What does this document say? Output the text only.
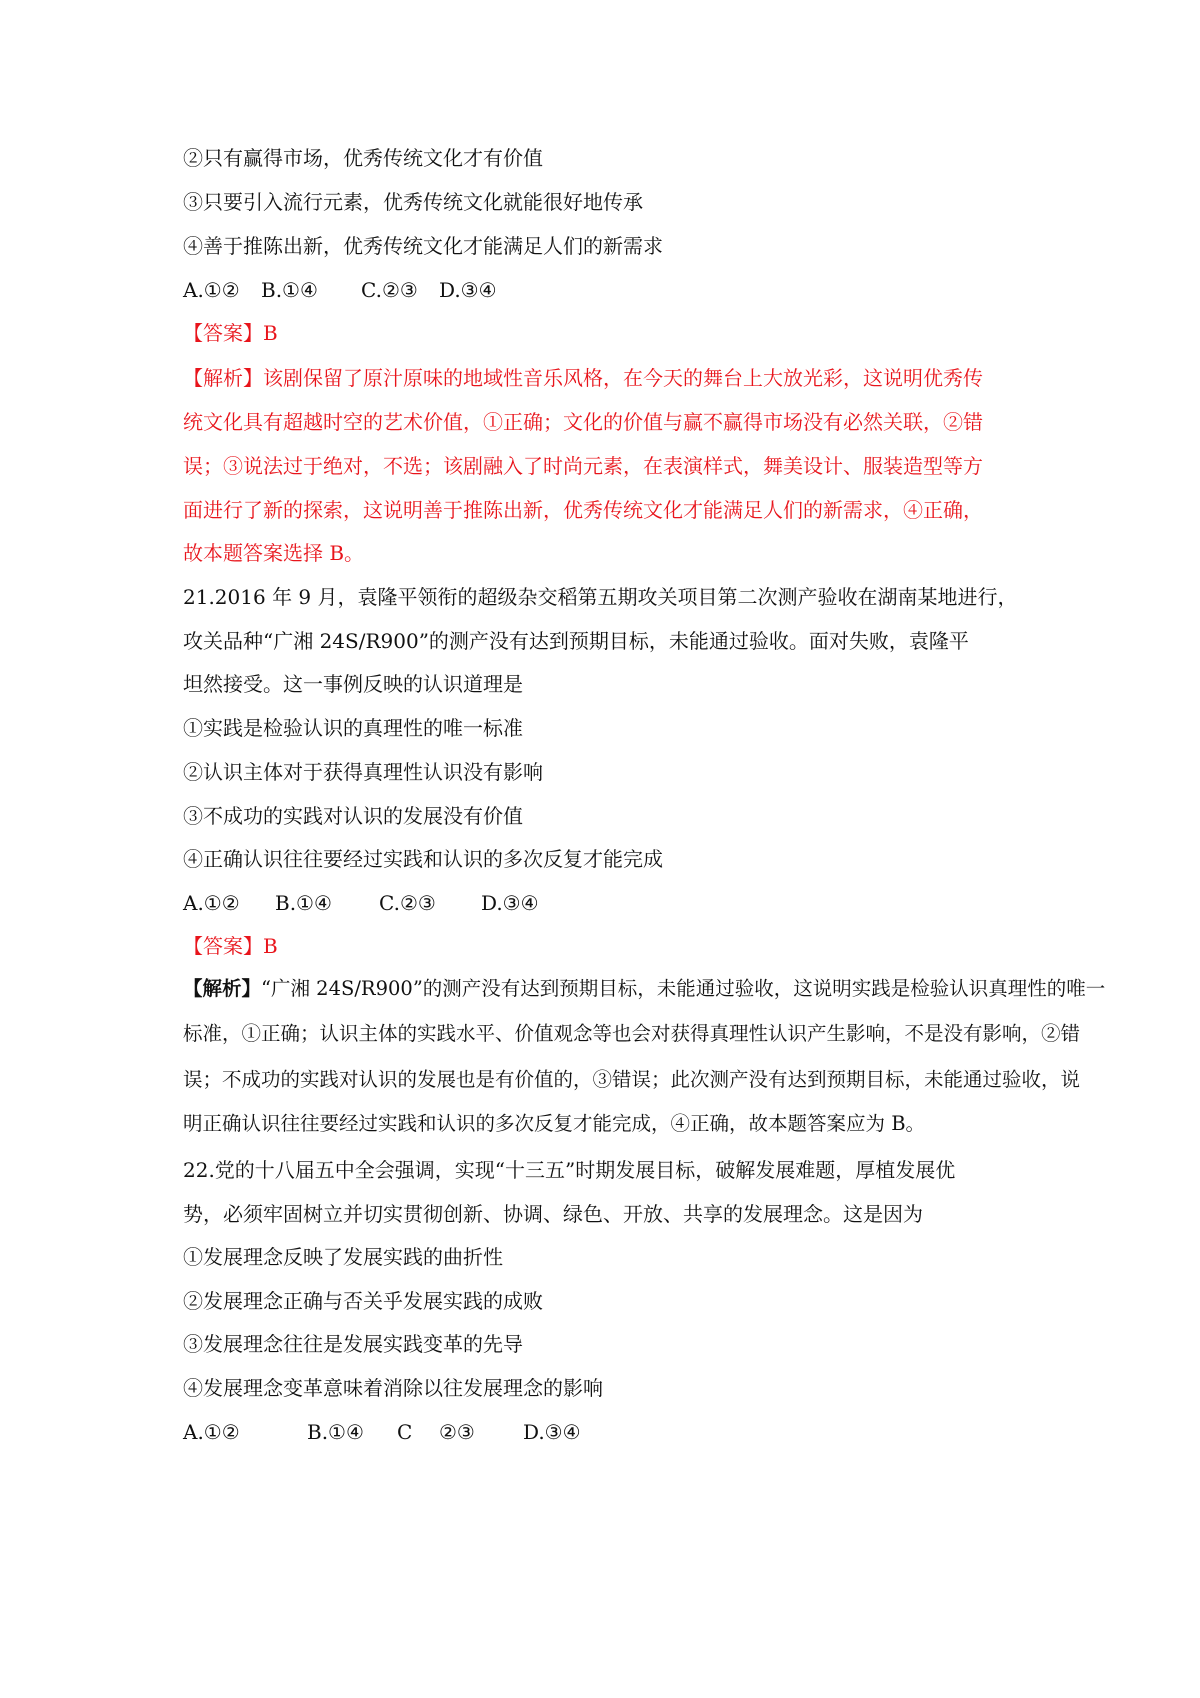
②只有赢得市场，优秀传统文化才有价值
③只要引入流行元素，优秀传统文化就能很好地传承
④善于推陈出新，优秀传统文化才能满足人们的新需求
A.①② B.①④ C.②③ D.③④
【答案】B
【解析】该剧保留了原汁原味的地域性音乐风格，在今天的舞台上大放光彩，这说明优秀传
统文化具有超越时空的艺术价值，①正确；文化的价值与赢不赢得市场没有必然关联，②错
误；③说法过于绝对，不选；该剧融入了时尚元素，在表演样式，舞美设计、服装造型等方
面进行了新的探索，这说明善于推陈出新，优秀传统文化才能满足人们的新需求，④正确，
故本题答案选择 B。
21.2016 年 9 月，袁隆平领衔的超级杂交稻第五期攻关项目第二次测产验收在湖南某地进行，
攻关品种“广湘 24S/R900”的测产没有达到预期目标，未能通过验收。面对失败，袁隆平
坦然接受。这一事例反映的认识道理是
①实践是检验认识的真理性的唯一标准
②认识主体对于获得真理性认识没有影响
③不成功的实践对认识的发展没有价值
④正确认识往往要经过实践和认识的多次反复才能完成
A.①② B.①④ C.②③ D.③④
【答案】B
【解析】“广湘 24S/R900”的测产没有达到预期目标，未能通过验收，这说明实践是检验认识真理性的唯一
标准，①正确；认识主体的实践水平、价值观念等也会对获得真理性认识产生影响，不是没有影响，②错
误；不成功的实践对认识的发展也是有价值的，③错误；此次测产没有达到预期目标，未能通过验收，说
明正确认识往往要经过实践和认识的多次反复才能完成，④正确，故本题答案应为 B。
22.党的十八届五中全会强调，实现“十三五”时期发展目标，破解发展难题，厚植发展优
势，必须牢固树立并切实贯彻创新、协调、绿色、开放、共享的发展理念。这是因为
①发展理念反映了发展实践的曲折性
②发展理念正确与否关乎发展实践的成败
③发展理念往往是发展实践变革的先导
④发展理念变革意味着消除以往发展理念的影响
A.①②	B.①④ C ②③ D.③④
